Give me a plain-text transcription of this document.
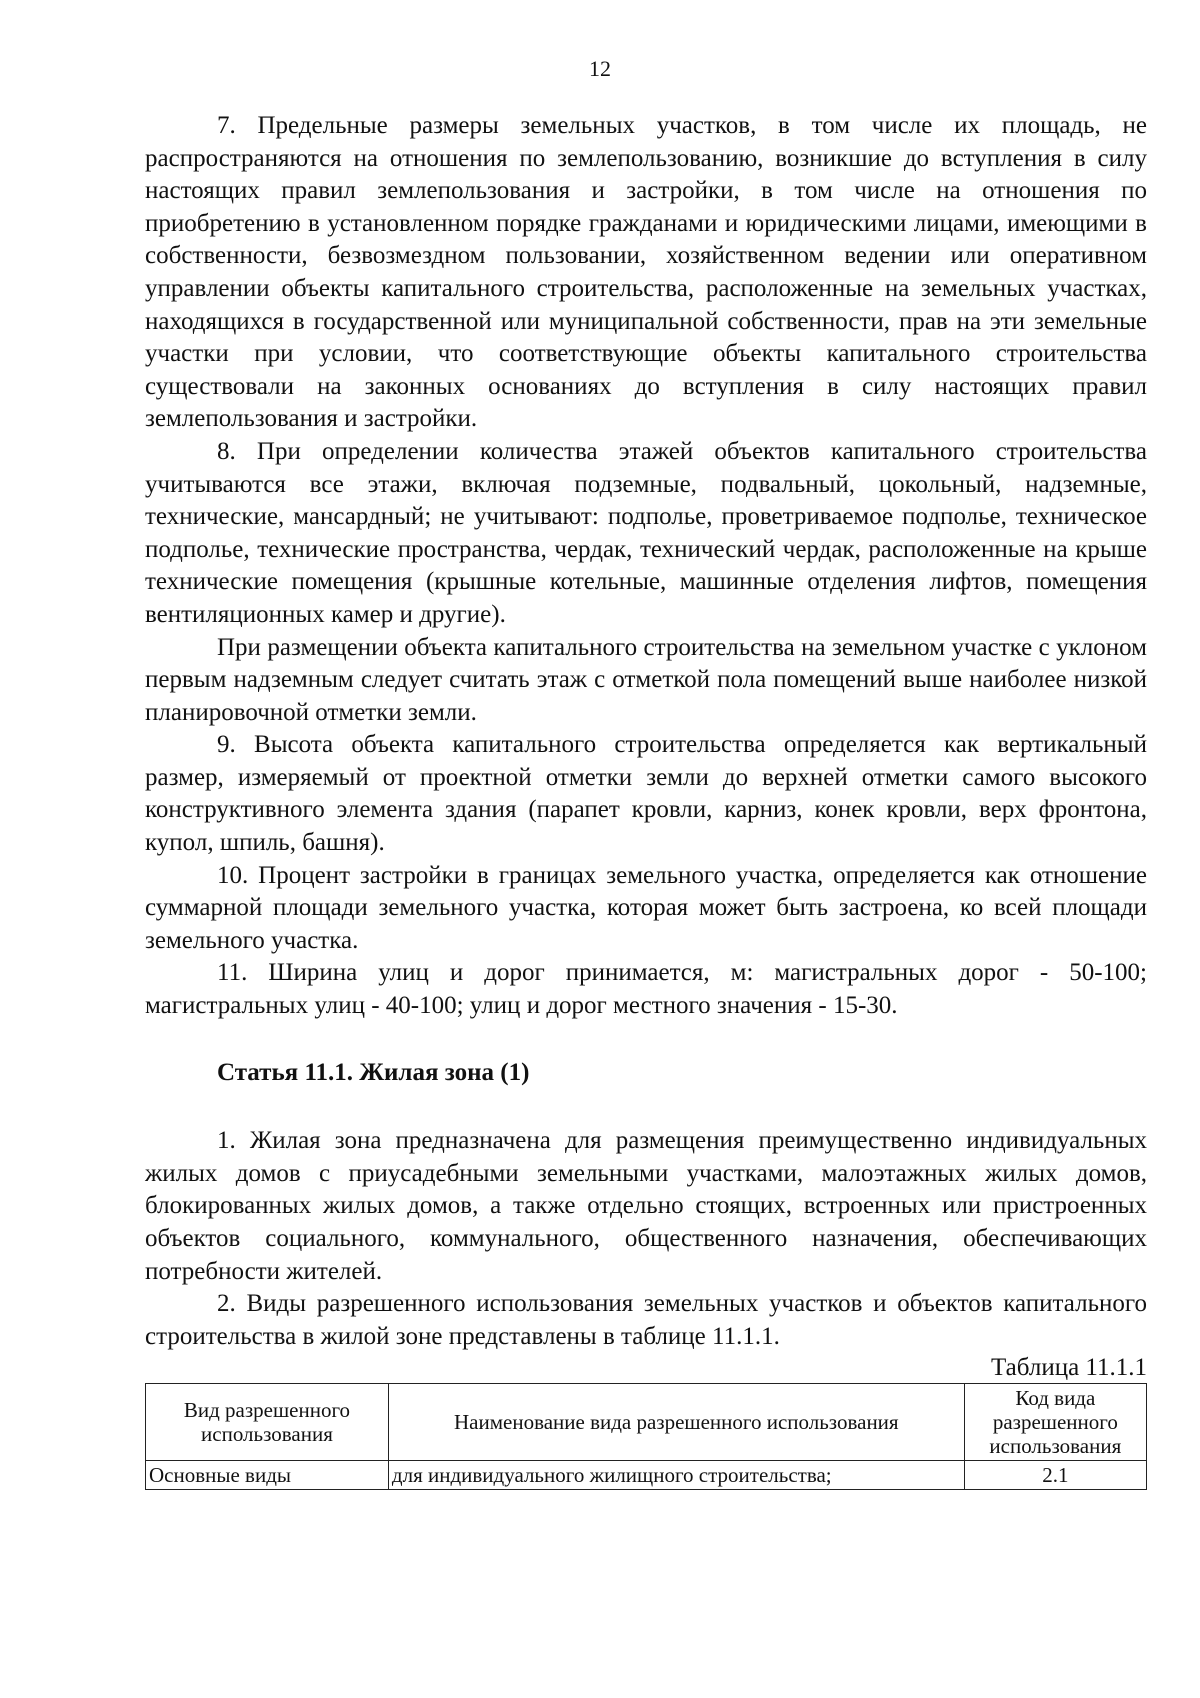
12

7. Предельные размеры земельных участков, в том числе их площадь, не распространяются на отношения по землепользованию, возникшие до вступления в силу настоящих правил землепользования и застройки, в том числе на отношения по приобретению в установленном порядке гражданами и юридическими лицами, имеющими в собственности, безвозмездном пользовании, хозяйственном ведении или оперативном управлении объекты капитального строительства, расположенные на земельных участках, находящихся в государственной или муниципальной собственности, прав на эти земельные участки при условии, что соответствующие объекты капитального строительства существовали на законных основаниях до вступления в силу настоящих правил землепользования и застройки.

8. При определении количества этажей объектов капитального строительства учитываются все этажи, включая подземные, подвальный, цокольный, надземные, технические, мансардный; не учитывают: подполье, проветриваемое подполье, техническое подполье, технические пространства, чердак, технический чердак, расположенные на крыше технические помещения (крышные котельные, машинные отделения лифтов, помещения вентиляционных камер и другие).

При размещении объекта капитального строительства на земельном участке с уклоном первым надземным следует считать этаж с отметкой пола помещений выше наиболее низкой планировочной отметки земли.

9. Высота объекта капитального строительства определяется как вертикальный размер, измеряемый от проектной отметки земли до верхней отметки самого высокого конструктивного элемента здания (парапет кровли, карниз, конек кровли, верх фронтона, купол, шпиль, башня).

10. Процент застройки в границах земельного участка, определяется как отношение суммарной площади земельного участка, которая может быть застроена, ко всей площади земельного участка.

11. Ширина улиц и дорог принимается, м: магистральных дорог - 50-100; магистральных улиц - 40-100; улиц и дорог местного значения - 15-30.

Статья 11.1. Жилая зона (1)

1. Жилая зона предназначена для размещения преимущественно индивидуальных жилых домов с приусадебными земельными участками, малоэтажных жилых домов, блокированных жилых домов, а также отдельно стоящих, встроенных или пристроенных объектов социального, коммунального, общественного назначения, обеспечивающих потребности жителей.

2. Виды разрешенного использования земельных участков и объектов капитального строительства в жилой зоне представлены в таблице 11.1.1.

Таблица 11.1.1

Вид разрешенного использования	Наименование вида разрешенного использования	Код вида разрешенного использования
Основные виды	для индивидуального жилищного строительства;	2.1
